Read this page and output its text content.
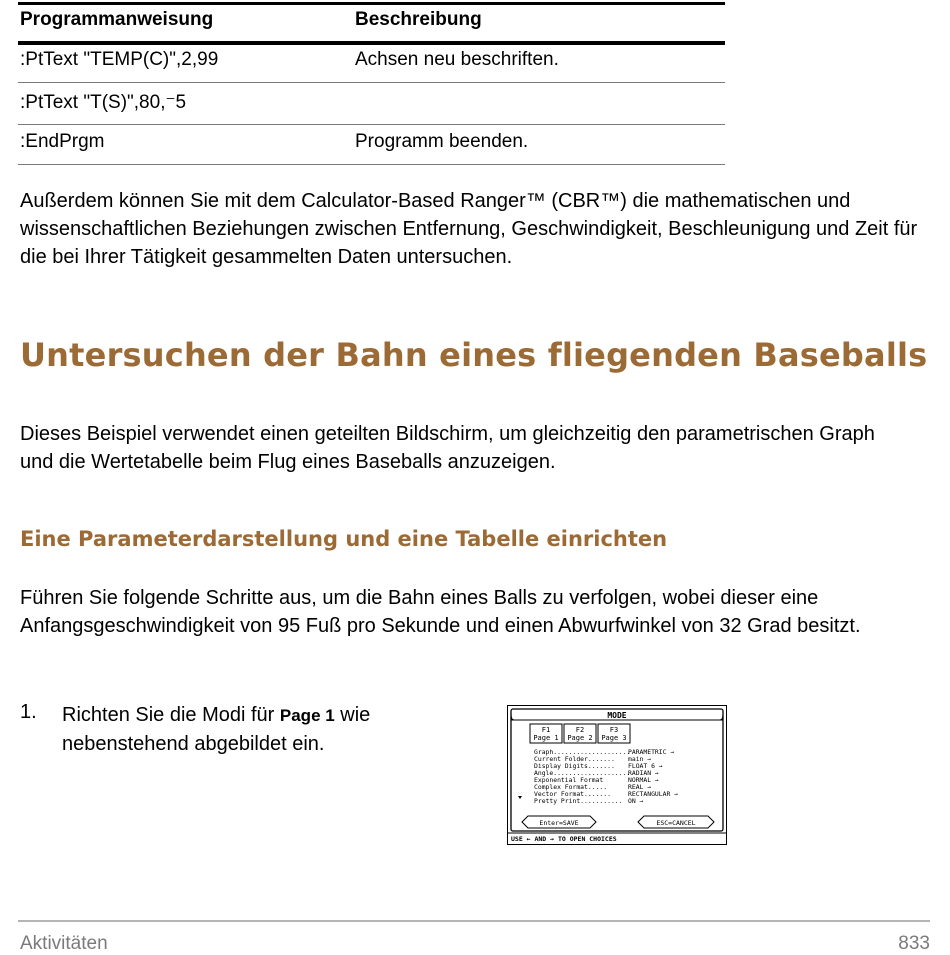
Programmanweisung	Beschreibung
:PtText "TEMP(C)",2,99	Achsen neu beschriften.
:PtText "T(S)",80,⁻5
:EndPrgm	Programm beenden.

Außerdem können Sie mit dem Calculator-Based Ranger™ (CBR™) die mathematischen und wissenschaftlichen Beziehungen zwischen Entfernung, Geschwindigkeit, Beschleunigung und Zeit für die bei Ihrer Tätigkeit gesammelten Daten untersuchen.

Untersuchen der Bahn eines fliegenden Baseballs

Dieses Beispiel verwendet einen geteilten Bildschirm, um gleichzeitig den parametrischen Graph und die Wertetabelle beim Flug eines Baseballs anzuzeigen.

Eine Parameterdarstellung und eine Tabelle einrichten

Führen Sie folgende Schritte aus, um die Bahn eines Balls zu verfolgen, wobei dieser eine Anfangsgeschwindigkeit von 95 Fuß pro Sekunde und einen Abwurfwinkel von 32 Grad besitzt.

1. Richten Sie die Modi für Page 1 wie nebenstehend abgebildet ein.
MODE
F1
Page 1
F2
Page 2
F3
Page 3
Graph....................
PARAMETRIC →
Current Folder....... main →
Display Digits....... FLOAT 6 →
Angle....................
RADIAN →
Exponential Format	NORMAL →
Complex Format.....	REAL →
Vector Format.......	RECTANGULAR →
Pretty Print........... ON →
Enter=SAVE	ESC=CANCEL
USE ← AND → TO OPEN CHOICES
Aktivitäten	833
